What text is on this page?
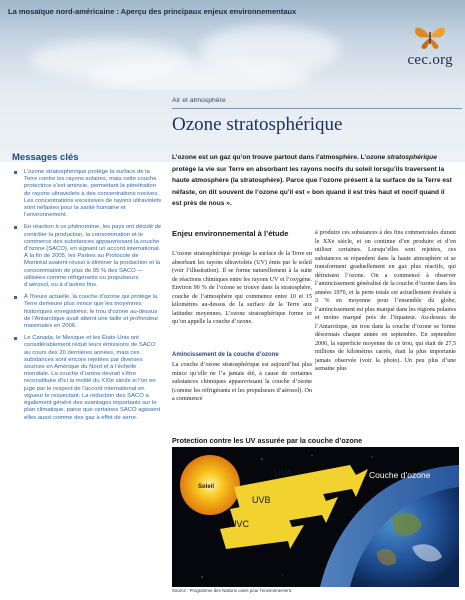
La mosaïque nord-américaine : Aperçu des principaux enjeux environnementaux
cec.org
Air et atmosphère
Ozone stratosphérique
Messages clés
L’ozone stratosphérique protège la surface de la Terre contre les rayons solaires, mais cette couche protectrice s’est amincie, permettant la pénétration de rayons ultraviolets à des concentrations nocives. Les concentrations excessives de rayons ultraviolets sont néfastes pour la santé humaine et l’environnement.
En réaction à ce phénomène, les pays ont décidé de contrôler la production, la consommation et le commerce des substances appauvrissant la couche d’ozone (SACO), en signant un accord international. À la fin de 2005, les Parties au Protocole de Montréal avaient réussi à éliminer la production et la consommation de plus de 95 % des SACO — utilisées comme réfrigérants ou propulseurs d’aérosol, ou à d’autres fins.
À l’heure actuelle, la couche d’ozone qui protège la Terre demeure plus mince que les moyennes historiques enregistrées; le trou d’ozone au-dessus de l’Antarctique avait atteint une taille et profondeur maximales en 2006.
Le Canada, le Mexique et les États-Unis ont considérablement réduit leurs émissions de SACO au cours des 20 dernières années, mais ces substances sont encore rejetées par diverses sources en Amérique du Nord et à l’échelle mondiale. La couche d’ozone devrait s’être reconstituée d’ici la moitié du XXIe siècle si l’on en juge par le respect de l’accord international en vigueur le respectant. La réduction des SACO a également généré des avantages importants sur le plan climatique, parce que certaines SACO agissent elles aussi comme des gaz à effet de serre.
L’ozone est un gaz qu’on trouve partout dans l’atmosphère. L’ozone stratosphérique protège la vie sur Terre en absorbant les rayons nocifs du soleil lorsqu’ils traversent la haute atmosphère (la stratosphère). Parce que l’ozone présent à la surface de la Terre est néfaste, on dit souvent de l’ozone qu’il est « bon quand il est très haut et nocif quand il est près de nous ».
Enjeu environnemental à l’étude
L’ozone stratosphérique protège la surface de la Terre en absorbant les rayons ultraviolets (UV) émis par le soleil (voir l’illustration). Il se forme naturellement à la suite de réactions chimiques entre les rayons UV et l’oxygène. Environ 90 % de l’ozone se trouve dans la stratosphère, couche de l’atmosphère qui commence entre 10 et 15 kilomètres au-dessus de la surface de la Terre aux latitudes moyennes. L’ozone stratosphérique forme ce qu’on appelle la couche d’ozone.
Amincissement de la couche d’ozone
La couche d’ozone stratosphérique est aujourd’hui plus mince qu’elle ne l’a jamais été, à cause de certaines substances chimiques appauvrissant la couche d’ozone (comme les réfrigérants et les propulseurs d’aérosol). On a commencé
à produire ces substances à des fins commerciales durant le XXe siècle, et on continue d’en produire et d’en utiliser certaines. Lorsqu’elles sont rejetées, ces substances se répandent dans la haute atmosphère et se transforment graduellement en gaz plus réactifs, qui détruisent l’ozone. On a commencé à observer l’amincissement généralisé de la couche d’ozone dans les années 1970, et la perte totale est actuellement évaluée à 3 % en moyenne pour l’ensemble du globe; l’amincissement est plus marqué dans les régions polaires et moins marqué près de l’équateur. Au-dessus de l’Antarctique, un trou dans la couche d’ozone se forme désormais chaque année en septembre. En septembre 2006, la superficie moyenne de ce trou, qui était de 27,5 millions de kilomètres carrés, était la plus importante jamais observée (voir la photo). Un peu plus d’une semaine plus
Protection contre les UV assurée par la couche d’ozone
Soleil
UVA
UVB
UVC
Couche d’ozone
Source : Programme des Nations unies pour l’environnement.
